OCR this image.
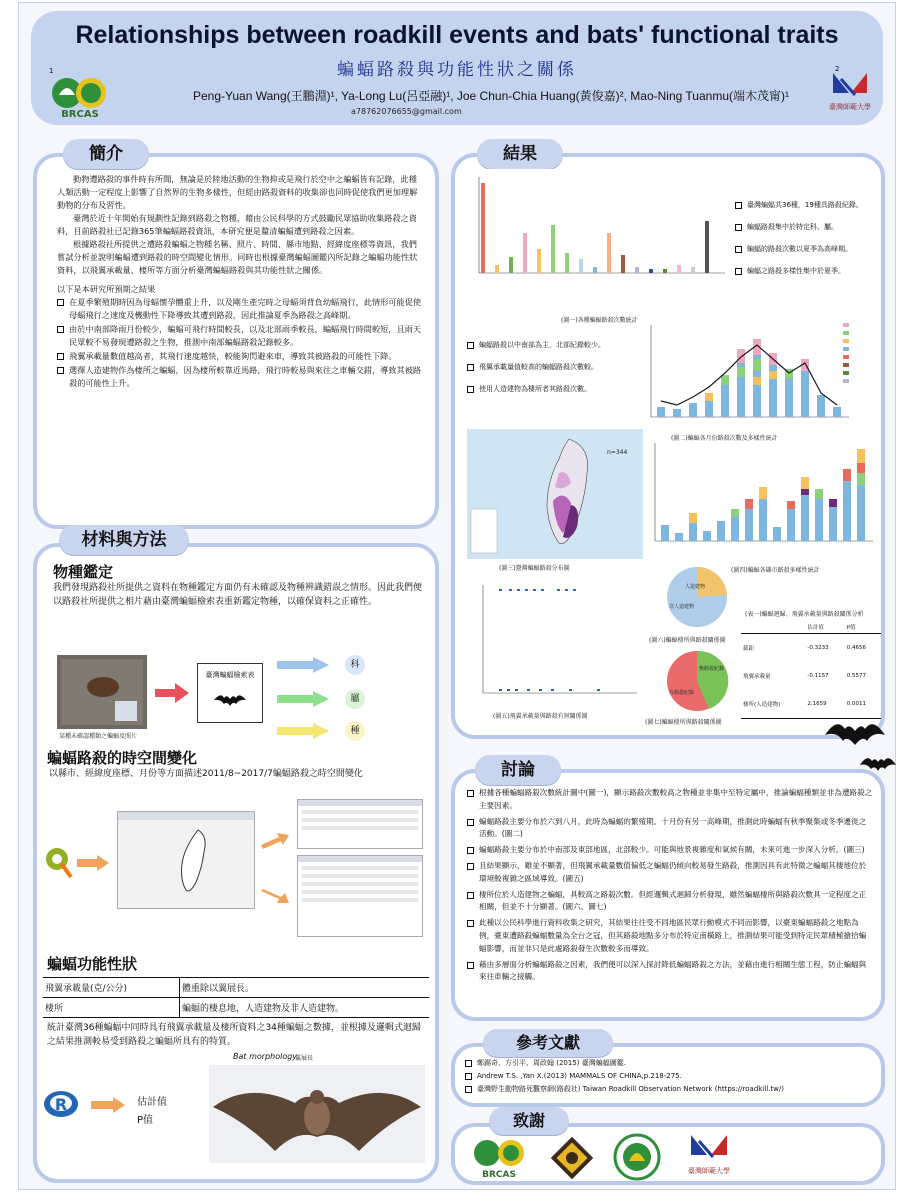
Relationships between roadkill events and bats' functional traits
蝙蝠路殺與功能性狀之關係
Peng-Yuan Wang(王鵬淵)¹, Ya-Long Lu(呂亞融)¹, Joe Chun-Chia Huang(黃俊嘉)², Mao-Ning Tuanmu(端木茂甯)¹
a78762076655@gmail.com
1
BRCAS
2
臺灣師範大學
簡介
動物遭路殺的事件時有所聞，無論是於陸地活動的生物抑或是飛行於空中之蝙蝠皆有記錄，此種人類活動一定程度上影響了自然界的生物多樣性，但經由路殺資料的收集卻也同時促使我們更加理解動物的分布及習性。
臺灣於近十年開始有規劃性記錄到路殺之物種，藉由公民科學的方式鼓勵民眾協助收集路殺之資料，目前路殺社已記錄365筆蝙蝠路殺資訊，本研究便是釐清蝙蝠遭到路殺之因素。
根據路殺社所提供之遭路殺蝙蝠之物種名稱、照片、時間、縣市地點、經緯度座標等資訊，我們嘗試分析並說明蝙蝠遭到路殺的時空間變化情形。同時也根據臺灣蝙蝠圖鑑內所記錄之蝙蝠功能性狀資料，以飛翼承載量、棲所等方面分析臺灣蝙蝠路殺與其功能性狀之關係。
以下是本研究所預期之結果
在夏季繁殖期時因為母蝠懷孕體重上升，以及剛生產完時之母蝠須背負幼蝠飛行，此情形可能促使母蝠飛行之速度及機動性下降導致其遭到路殺，因此推論夏季為路殺之高峰期。
由於中南部降雨月份較少，蝙蝠可飛行時間較長，以及北部雨季較長，蝙蝠飛行時間較短，且雨天民眾較不易發現遭路殺之生物，推測中南部蝙蝠路殺記錄較多。
飛翼承載量數值越高者，其飛行速度越快，較能夠閃避來車，導致其被路殺的可能性下降。
選擇人造建物作為棲所之蝙蝠，因為棲所較靠近馬路，飛行時較易與來往之車輛交錯，導致其被路殺的可能性上升。
材料與方法
物種鑑定
我們發現路殺社所提供之資料在物種鑑定方面仍有未確認及物種辨識錯誤之情形。因此我們便以路殺社所提供之相片藉由臺灣蝙蝠檢索表重新鑑定物種，以確保資料之正確性。
某種未確認種類之蝙蝠及照片
臺灣蝙蝠檢索表
科
屬
種
蝙蝠路殺的時空間變化
以縣市、經緯度座標、月份等方面描述2011/8~2017/7蝙蝠路殺之時空間變化
蝙蝠功能性狀
飛翼承載量(克/公分)	體重除以翼展長。
棲所	蝙蝠的棲息地，人造建物及非人造建物。
統計臺灣36種蝙蝠中同時具有飛翼承載量及棲所資料之34種蝙蝠之數據，並根據及邏輯式迴歸之結果推測較易受到路殺之蝙蝠所具有的特質。
R	估計值
P值
Bat morphology
翼展長
結果
(圖一)各種蝙蝠路殺次數統計
臺灣蝙蝠共36種，19種具路殺紀錄。
蝙蝠路殺集中於特定科、屬。
蝙蝠的路殺次數以夏季為高峰期。
蝙蝠之路殺多樣性集中於夏季。
蝙蝠路殺以中南部為主，北部紀錄較少。
飛翼承載量值較高的蝙蝠路殺次數較。
使用人造建物為棲所者其路殺次數。
(圖二)蝙蝠各月份路殺次數及多樣性統計
n=344
(圖三)臺灣蝙蝠路殺分布圖	(圖四)蝙蝠各縣市路殺多樣性統計
(圖五)飛翼承載量與路殺有無關係圖
人造建物
非人造建物
(圖六)蝙蝠棲所與路殺關係圖
無路殺紀錄
有路殺紀錄
(圖七)蝙蝠棲所與路殺關係圖
(表一)蝙蝠迴歸、飛翼承載量與路殺關係分析
	估計值	P值
截距	-0.3233	0.4656
飛翼承載量	-0.1157	0.5577
棲所(人造建物)	2.1659	0.0011
討論
根據各種蝙蝠路殺次數統計圖中(圖一)，顯示路殺次數較高之物種並非集中至特定屬中，推論蝙蝠種類並非為遭路殺之主要因素。
蝙蝠路殺主要分布於六到八月，此時為蝙蝠的繁殖期。十月份有另一高峰期，推測此時蝙蝠有秋季聚集或冬季遷徙之活動。(圖二)
蝙蝠路殺主要分布於中南部及東部地區，北部較少。可能與地景複雜度和氣候有關，未來可進一步深入分析。(圖三)
且結果顯示，雖並不顯著，但飛翼承載量數值偏低之蝙蝠仍傾向較易發生路殺，推測因具有此特徵之蝙蝠其棲地位於環境較複雜之區域導致。(圖五)
棲所位於人造建物之蝙蝠，具較高之路殺次數。但經邏輯式迴歸分析發現，雖然蝙蝠棲所與路殺次數具一定程度之正相關，但並不十分顯著。(圖六、圖七)
此種以公民科學進行資料收集之研究，其結果往往受不同地區民眾行動模式不同而影響，以臺東蝙蝠路殺之地點為例，臺東遭路殺蝙蝠數量為全台之冠，但其路殺地點多分布於特定南橫路上，推測結果可能受到特定民眾積極搶拾蝙蝠影響，而並非只是此處路殺發生次數較多而導致。
藉由多層面分析蝙蝠路殺之因素，我們便可以深入探討降低蝙蝠路殺之方法，並藉由進行相關生態工程，防止蝙蝠與來往車輛之接觸。
參考文獻
鄭錫奇、方引平、周政翰 (2015) 臺灣蝙蝠圖鑑.
Andrew T.S. ,Yan X.(2013) MAMMALS OF CHINA,p.218-275.
臺灣野生動物路死觀察網(路殺社) Taiwan Roadkill Observation Network (https://roadkill.tw/)
致謝
BRCAS	臺灣師範大學
